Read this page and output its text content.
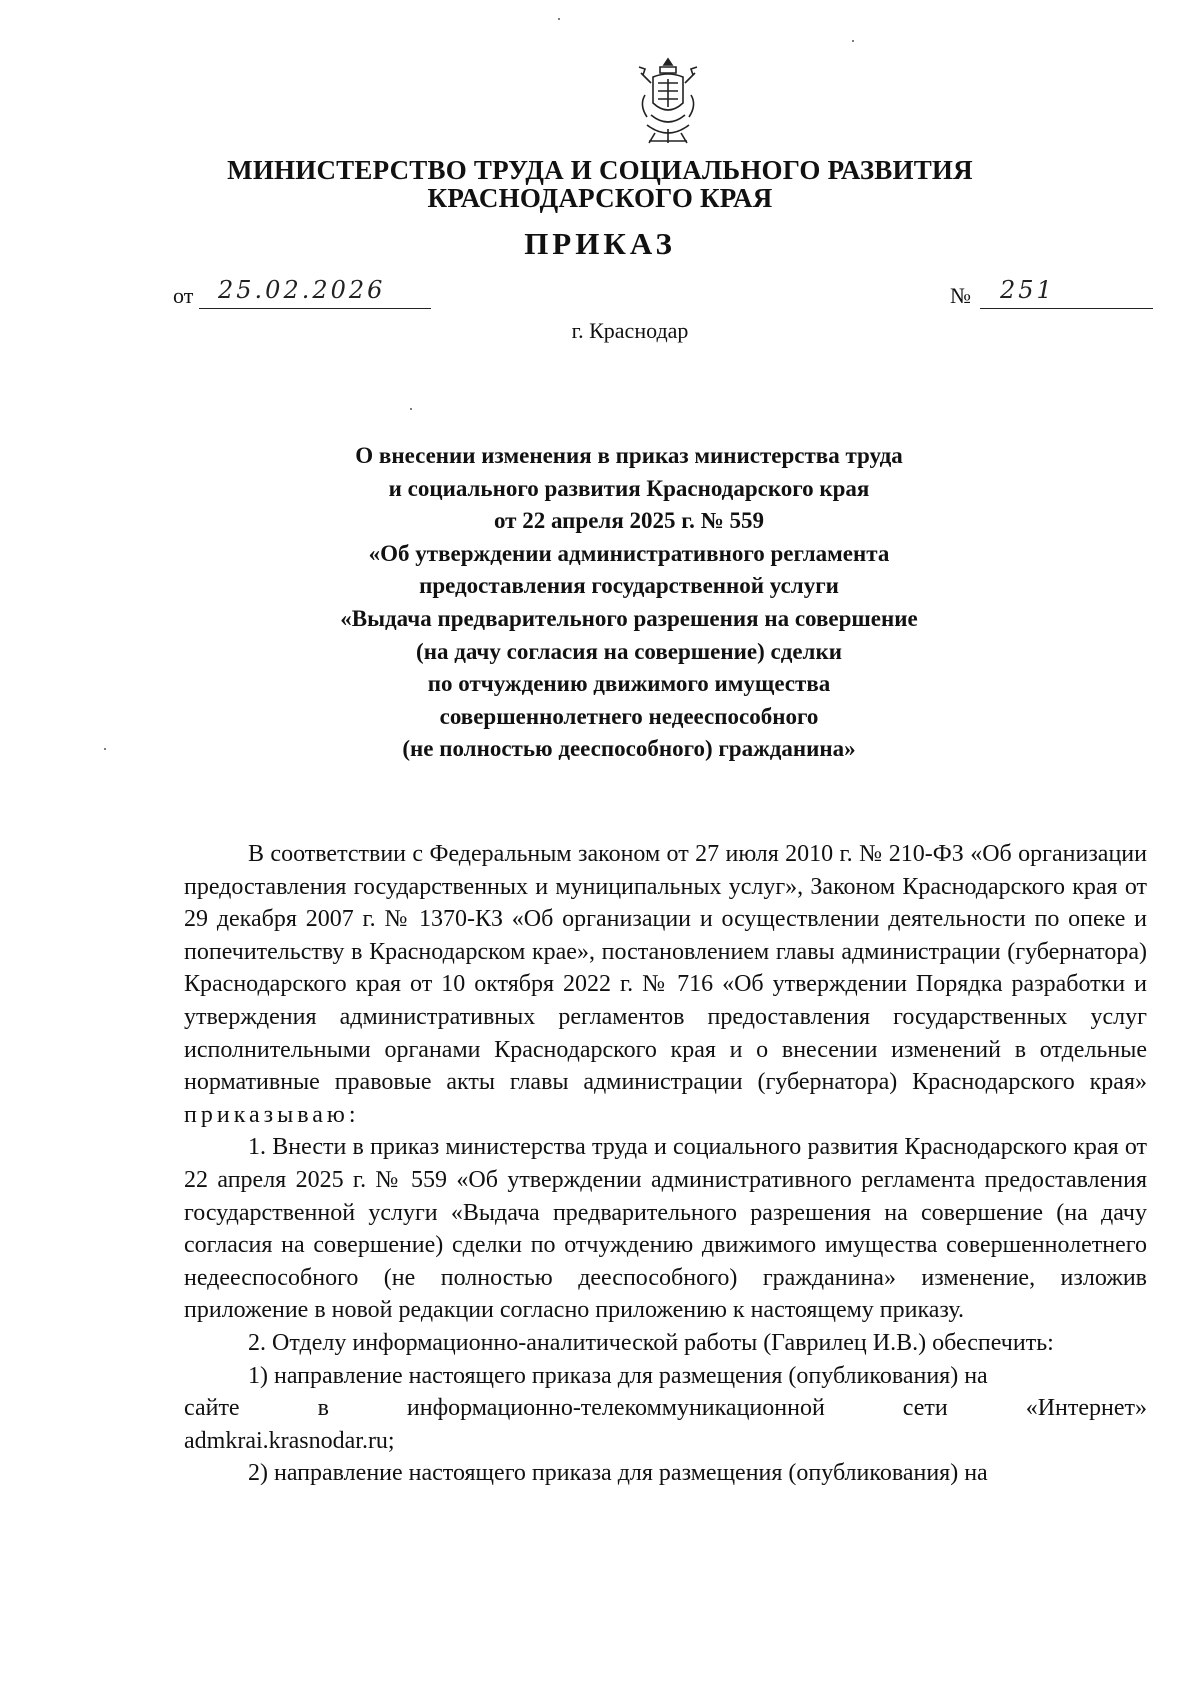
МИНИСТЕРСТВО ТРУДА И СОЦИАЛЬНОГО РАЗВИТИЯ
КРАСНОДАРСКОГО КРАЯ
ПРИКАЗ
от 25.02.2026	№ 251
г. Краснодар
О внесении изменения в приказ министерства труда
и социального развития Краснодарского края
от 22 апреля 2025 г. № 559
«Об утверждении административного регламента
предоставления государственной услуги
«Выдача предварительного разрешения на совершение
(на дачу согласия на совершение) сделки
по отчуждению движимого имущества
совершеннолетнего недееспособного
(не полностью дееспособного) гражданина»

В соответствии с Федеральным законом от 27 июля 2010 г. № 210-ФЗ «Об организации предоставления государственных и муниципальных услуг», Законом Краснодарского края от 29 декабря 2007 г. № 1370-КЗ «Об организации и осуществлении деятельности по опеке и попечительству в Краснодарском крае», постановлением главы администрации (губернатора) Краснодарского края от 10 октября 2022 г. № 716 «Об утверждении Порядка разработки и утверждения административных регламентов предоставления государственных услуг исполнительными органами Краснодарского края и о внесении изменений в отдельные нормативные правовые акты главы администрации (губернатора) Краснодарского края» приказываю:

1. Внести в приказ министерства труда и социального развития Краснодарского края от 22 апреля 2025 г. № 559 «Об утверждении административного регламента предоставления государственной услуги «Выдача предварительного разрешения на совершение (на дачу согласия на совершение) сделки по отчуждению движимого имущества совершеннолетнего недееспособного (не полностью дееспособного) гражданина» изменение, изложив приложение в новой редакции согласно приложению к настоящему приказу.

2. Отделу информационно-аналитической работы (Гаврилец И.В.) обеспечить:

1) направление настоящего приказа для размещения (опубликования) на

сайте в информационно-телекоммуникационной сети «Интернет»

admkrai.krasnodar.ru;

2) направление настоящего приказа для размещения (опубликования) на
